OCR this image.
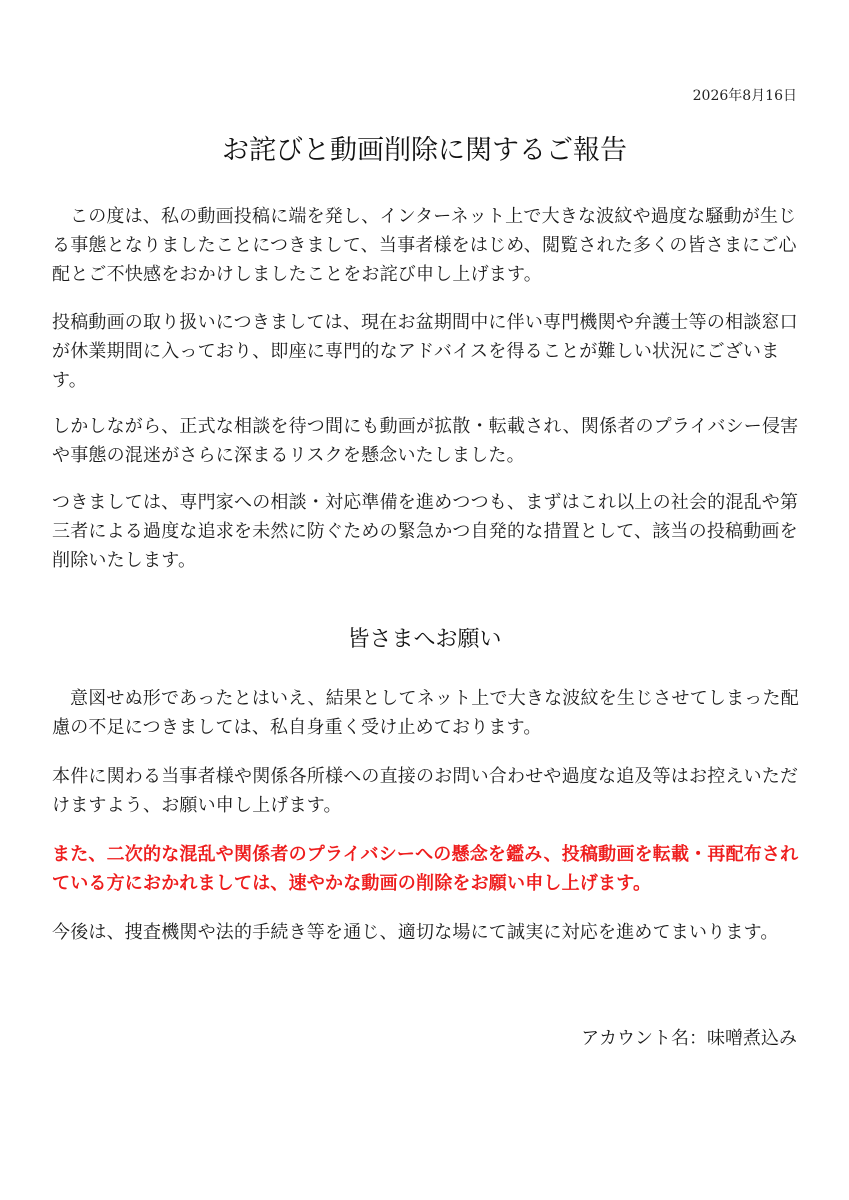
2026年8月16日
お詫びと動画削除に関するご報告

この度は、私の動画投稿に端を発し、インターネット上で大きな波紋や過度な騒動が生じる事態となりましたことにつきまして、当事者様をはじめ、閲覧された多くの皆さまにご心配とご不快感をおかけしましたことをお詫び申し上げます。

投稿動画の取り扱いにつきましては、現在お盆期間中に伴い専門機関や弁護士等の相談窓口が休業期間に入っており、即座に専門的なアドバイスを得ることが難しい状況にございます。

しかしながら、正式な相談を待つ間にも動画が拡散・転載され、関係者のプライバシー侵害や事態の混迷がさらに深まるリスクを懸念いたしました。

つきましては、専門家への相談・対応準備を進めつつも、まずはこれ以上の社会的混乱や第三者による過度な追求を未然に防ぐための緊急かつ自発的な措置として、該当の投稿動画を削除いたします。

皆さまへお願い

意図せぬ形であったとはいえ、結果としてネット上で大きな波紋を生じさせてしまった配慮の不足につきましては、私自身重く受け止めております。

本件に関わる当事者様や関係各所様への直接のお問い合わせや過度な追及等はお控えいただけますよう、お願い申し上げます。

また、二次的な混乱や関係者のプライバシーへの懸念を鑑み、投稿動画を転載・再配布されている方におかれましては、速やかな動画の削除をお願い申し上げます。

今後は、捜査機関や法的手続き等を通じ、適切な場にて誠実に対応を進めてまいります。

アカウント名：味噌煮込み
